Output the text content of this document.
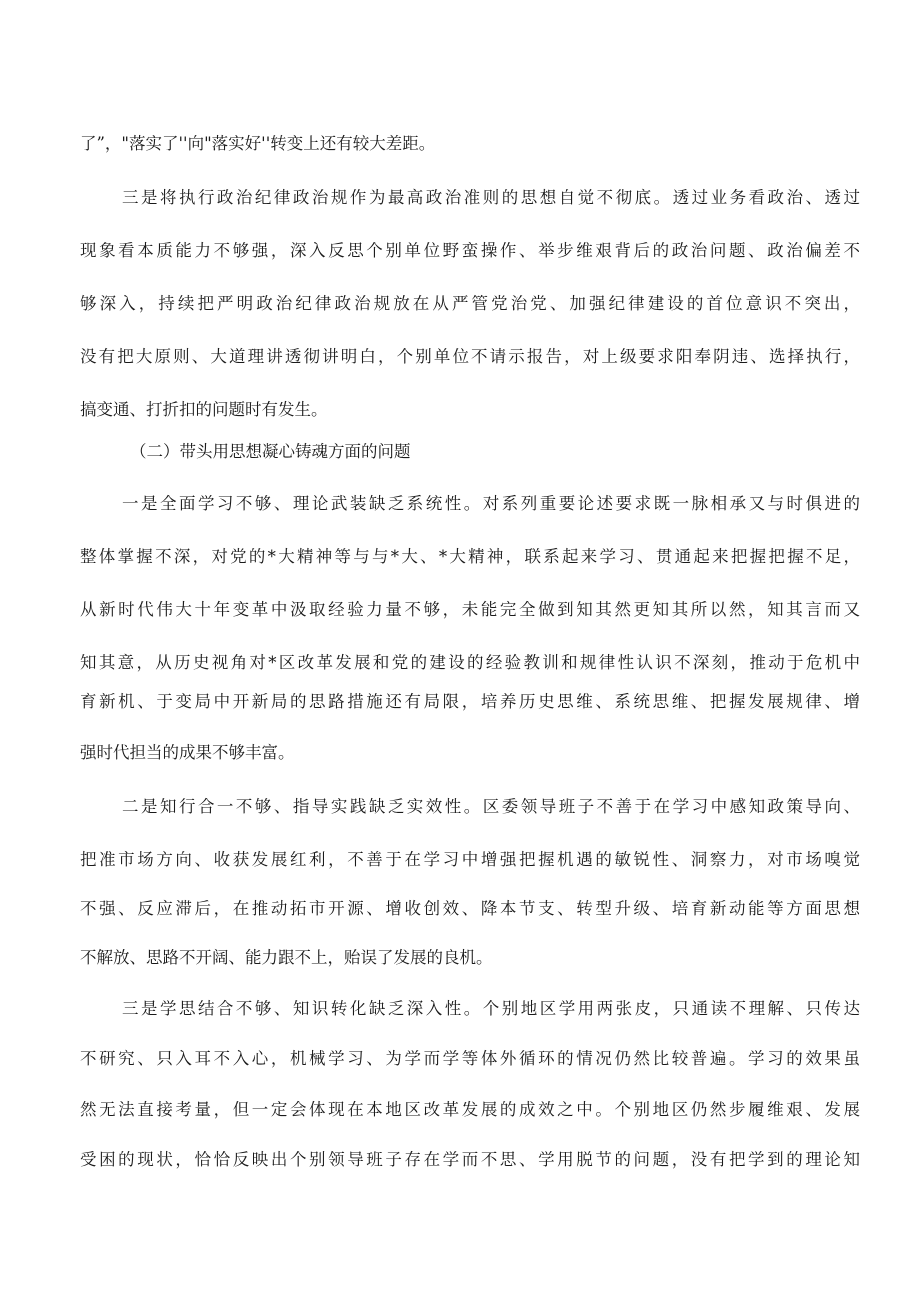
了”，"落实了''向"落实好''转变上还有较大差距。
三是将执行政治纪律政治规作为最高政治准则的思想自觉不彻底。透过业务看政治、透过
现象看本质能力不够强，深入反思个别单位野蛮操作、举步维艰背后的政治问题、政治偏差不
够深入，持续把严明政治纪律政治规放在从严管党治党、加强纪律建设的首位意识不突出，
没有把大原则、大道理讲透彻讲明白，个别单位不请示报告，对上级要求阳奉阴违、选择执行，
搞变通、打折扣的问题时有发生。
（二）带头用思想凝心铸魂方面的问题
一是全面学习不够、理论武装缺乏系统性。对系列重要论述要求既一脉相承又与时俱进的
整体掌握不深，对党的*大精神等与与*大、*大精神，联系起来学习、贯通起来把握把握不足，
从新时代伟大十年变革中汲取经验力量不够，未能完全做到知其然更知其所以然，知其言而又
知其意，从历史视角对*区改革发展和党的建设的经验教训和规律性认识不深刻，推动于危机中
育新机、于变局中开新局的思路措施还有局限，培养历史思维、系统思维、把握发展规律、增
强时代担当的成果不够丰富。
二是知行合一不够、指导实践缺乏实效性。区委领导班子不善于在学习中感知政策导向、
把准市场方向、收获发展红利，不善于在学习中增强把握机遇的敏锐性、洞察力，对市场嗅觉
不强、反应滞后，在推动拓市开源、增收创效、降本节支、转型升级、培育新动能等方面思想
不解放、思路不开阔、能力跟不上，贻误了发展的良机。
三是学思结合不够、知识转化缺乏深入性。个别地区学用两张皮，只通读不理解、只传达
不研究、只入耳不入心，机械学习、为学而学等体外循环的情况仍然比较普遍。学习的效果虽
然无法直接考量，但一定会体现在本地区改革发展的成效之中。个别地区仍然步履维艰、发展
受困的现状，恰恰反映出个别领导班子存在学而不思、学用脱节的问题，没有把学到的理论知
